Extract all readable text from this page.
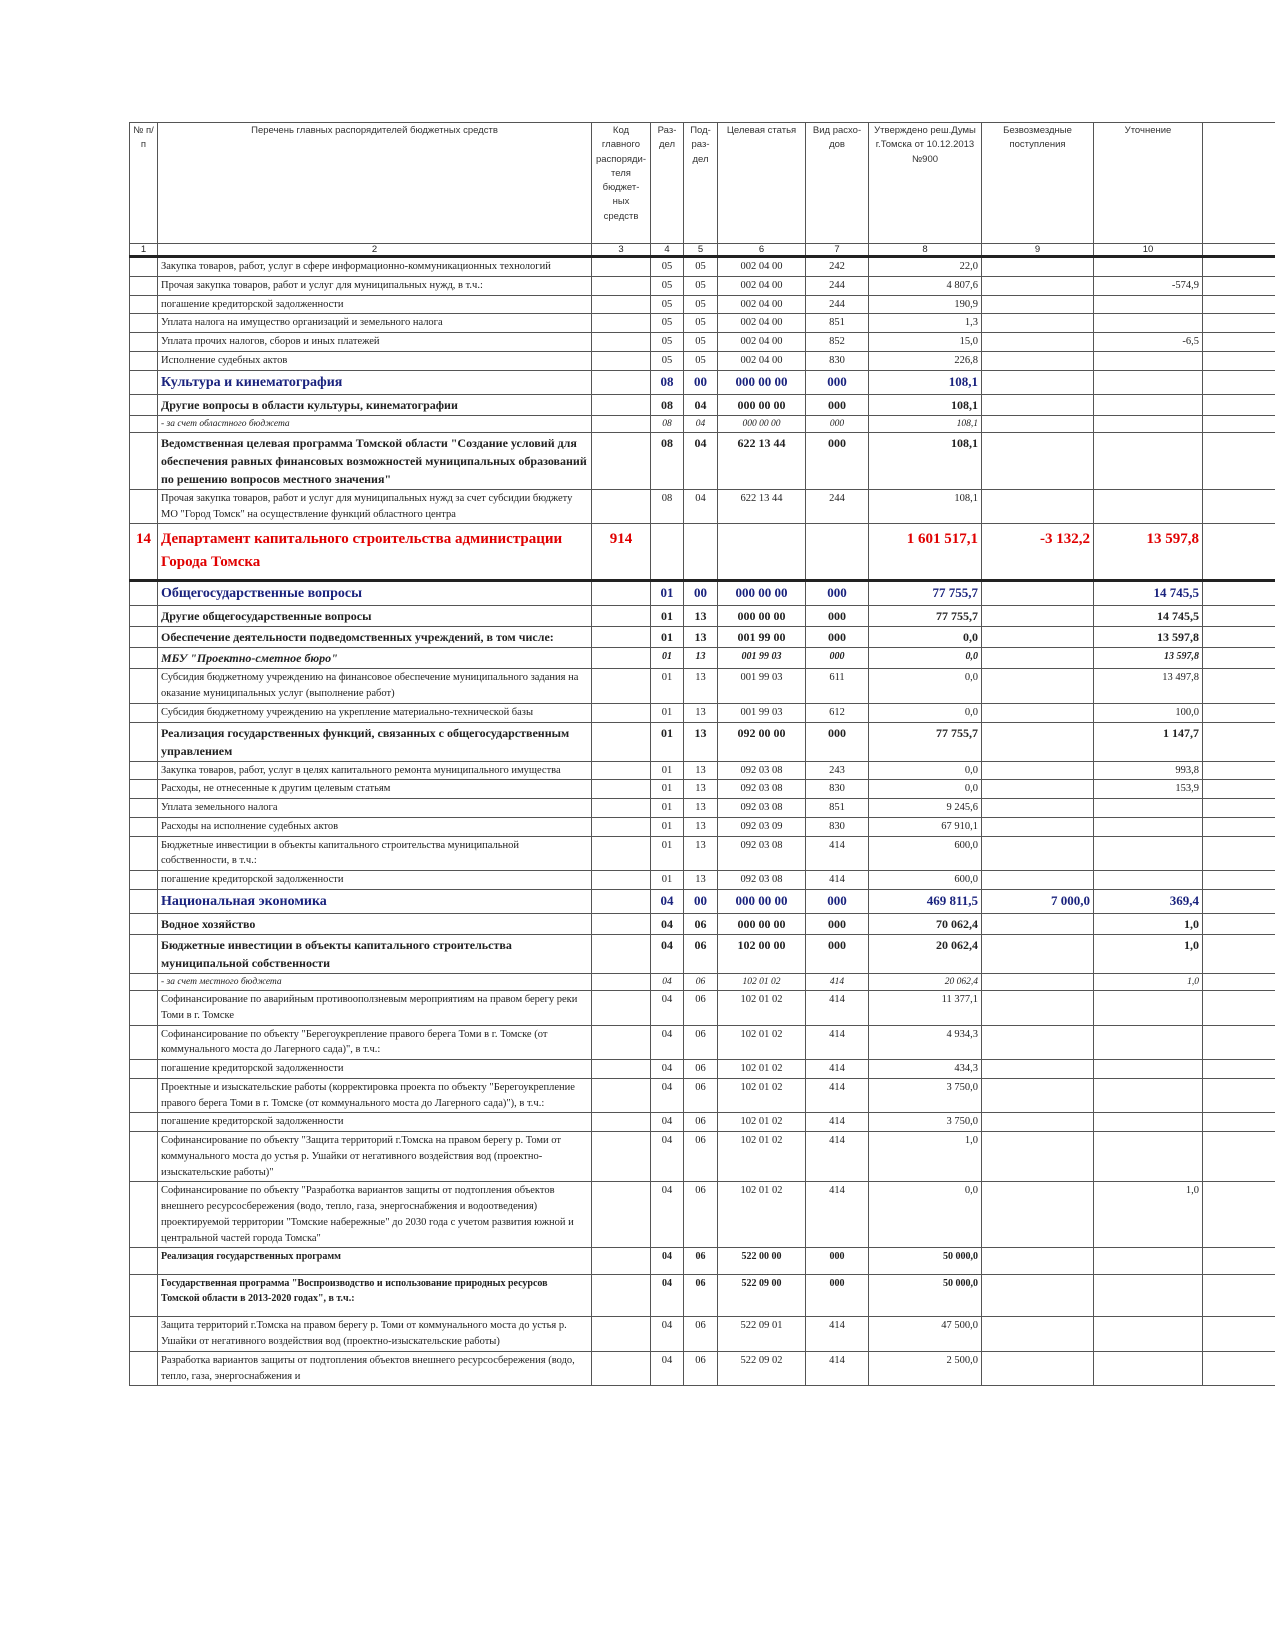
№ п/п	Перечень главных распорядителей бюджетных средств	Код главного распоряди-теля бюджет-ных средств	Раз-дел	Под-раз-дел	Целевая статья	Вид расхо-дов	Утверждено реш.Думы г.Томска от 10.12.2013 №900	Безвозмездные поступления	Уточнение	
1	2	3	4	5	6	7	8	9	10	
	Закупка товаров, работ, услуг в сфере информационно-коммуникационных технологий		05	05	002 04 00	242	22,0			
	Прочая закупка товаров, работ и услуг для муниципальных нужд, в т.ч.:		05	05	002 04 00	244	4 807,6		-574,9	
	погашение кредиторской задолженности		05	05	002 04 00	244	190,9			
	Уплата налога на имущество организаций и земельного налога		05	05	002 04 00	851	1,3			
	Уплата прочих налогов, сборов и иных платежей		05	05	002 04 00	852	15,0		-6,5	
	Исполнение судебных актов		05	05	002 04 00	830	226,8			
	Культура и кинематография		08	00	000 00 00	000	108,1			
	Другие вопросы в области культуры, кинематографии		08	04	000 00 00	000	108,1			
	- за счет областного бюджета		08	04	000 00 00	000	108,1			
	Ведомственная целевая программа Томской области "Создание условий для обеспечения равных финансовых возможностей муниципальных образований по решению вопросов местного значения"		08	04	622 13 44	000	108,1			
	Прочая закупка товаров, работ и услуг для муниципальных нужд за счет субсидии бюджету МО "Город Томск" на осуществление функций областного центра		08	04	622 13 44	244	108,1			
14	Департамент капитального строительства администрации Города Томска	914					1 601 517,1	-3 132,2	13 597,8	
	Общегосударственные вопросы		01	00	000 00 00	000	77 755,7		14 745,5	
	Другие общегосударственные вопросы		01	13	000 00 00	000	77 755,7		14 745,5	
	Обеспечение деятельности подведомственных учреждений, в том числе:		01	13	001 99 00	000	0,0		13 597,8	
	МБУ "Проектно-сметное бюро"		01	13	001 99 03	000	0,0		13 597,8	
	Субсидия бюджетному учреждению на финансовое обеспечение муниципального задания на оказание муниципальных услуг (выполнение работ)		01	13	001 99 03	611	0,0		13 497,8	
	Субсидия бюджетному учреждению на укрепление материально-технической базы		01	13	001 99 03	612	0,0		100,0	
	Реализация государственных функций, связанных с общегосударственным управлением		01	13	092 00 00	000	77 755,7		1 147,7	
	Закупка товаров, работ, услуг в целях капитального ремонта муниципального имущества		01	13	092 03 08	243	0,0		993,8	
	Расходы, не отнесенные к другим целевым статьям		01	13	092 03 08	830	0,0		153,9	
	Уплата земельного налога		01	13	092 03 08	851	9 245,6			
	Расходы на исполнение судебных актов		01	13	092 03 09	830	67 910,1			
	Бюджетные инвестиции в объекты капитального строительства муниципальной собственности, в т.ч.:		01	13	092 03 08	414	600,0			
	погашение кредиторской задолженности		01	13	092 03 08	414	600,0			
	Национальная экономика		04	00	000 00 00	000	469 811,5	7 000,0	369,4	
	Водное хозяйство		04	06	000 00 00	000	70 062,4		1,0	
	Бюджетные инвестиции в объекты капитального строительства муниципальной собственности		04	06	102 00 00	000	20 062,4		1,0	
	- за счет местного бюджета		04	06	102 01 02	414	20 062,4		1,0	
	Софинансирование по аварийным противооползневым мероприятиям на правом берегу реки Томи в г. Томске		04	06	102 01 02	414	11 377,1			
	Софинансирование по объекту "Берегоукрепление правого берега Томи в г. Томске (от коммунального моста до Лагерного сада)", в т.ч.:		04	06	102 01 02	414	4 934,3			
	погашение кредиторской задолженности		04	06	102 01 02	414	434,3			
	Проектные и изыскательские работы (корректировка проекта по объекту "Берегоукрепление правого берега Томи в г. Томске (от коммунального моста до Лагерного сада)"), в т.ч.:		04	06	102 01 02	414	3 750,0			
	погашение кредиторской задолженности		04	06	102 01 02	414	3 750,0			
	Софинансирование по объекту "Защита территорий г.Томска на правом берегу р. Томи от коммунального моста до устья р. Ушайки от негативного воздействия вод (проектно-изыскательские работы)"		04	06	102 01 02	414	1,0			
	Софинансирование по объекту "Разработка вариантов защиты от подтопления объектов внешнего ресурсосбережения (водо, тепло, газа, энергоснабжения и водоотведения) проектируемой территории "Томские набережные" до 2030 года с учетом развития южной и центральной частей города Томска"		04	06	102 01 02	414	0,0		1,0	
	Реализация государственных программ		04	06	522 00 00	000	50 000,0			
	Государственная программа "Воспроизводство и использование природных ресурсов Томской области в 2013-2020 годах", в т.ч.:		04	06	522 09 00	000	50 000,0			
	Защита территорий г.Томска на правом берегу р. Томи от коммунального моста до устья р. Ушайки от негативного воздействия вод (проектно-изыскательские работы)		04	06	522 09 01	414	47 500,0			
	Разработка вариантов защиты от подтопления объектов внешнего ресурсосбережения (водо, тепло, газа, энергоснабжения и		04	06	522 09 02	414	2 500,0			
